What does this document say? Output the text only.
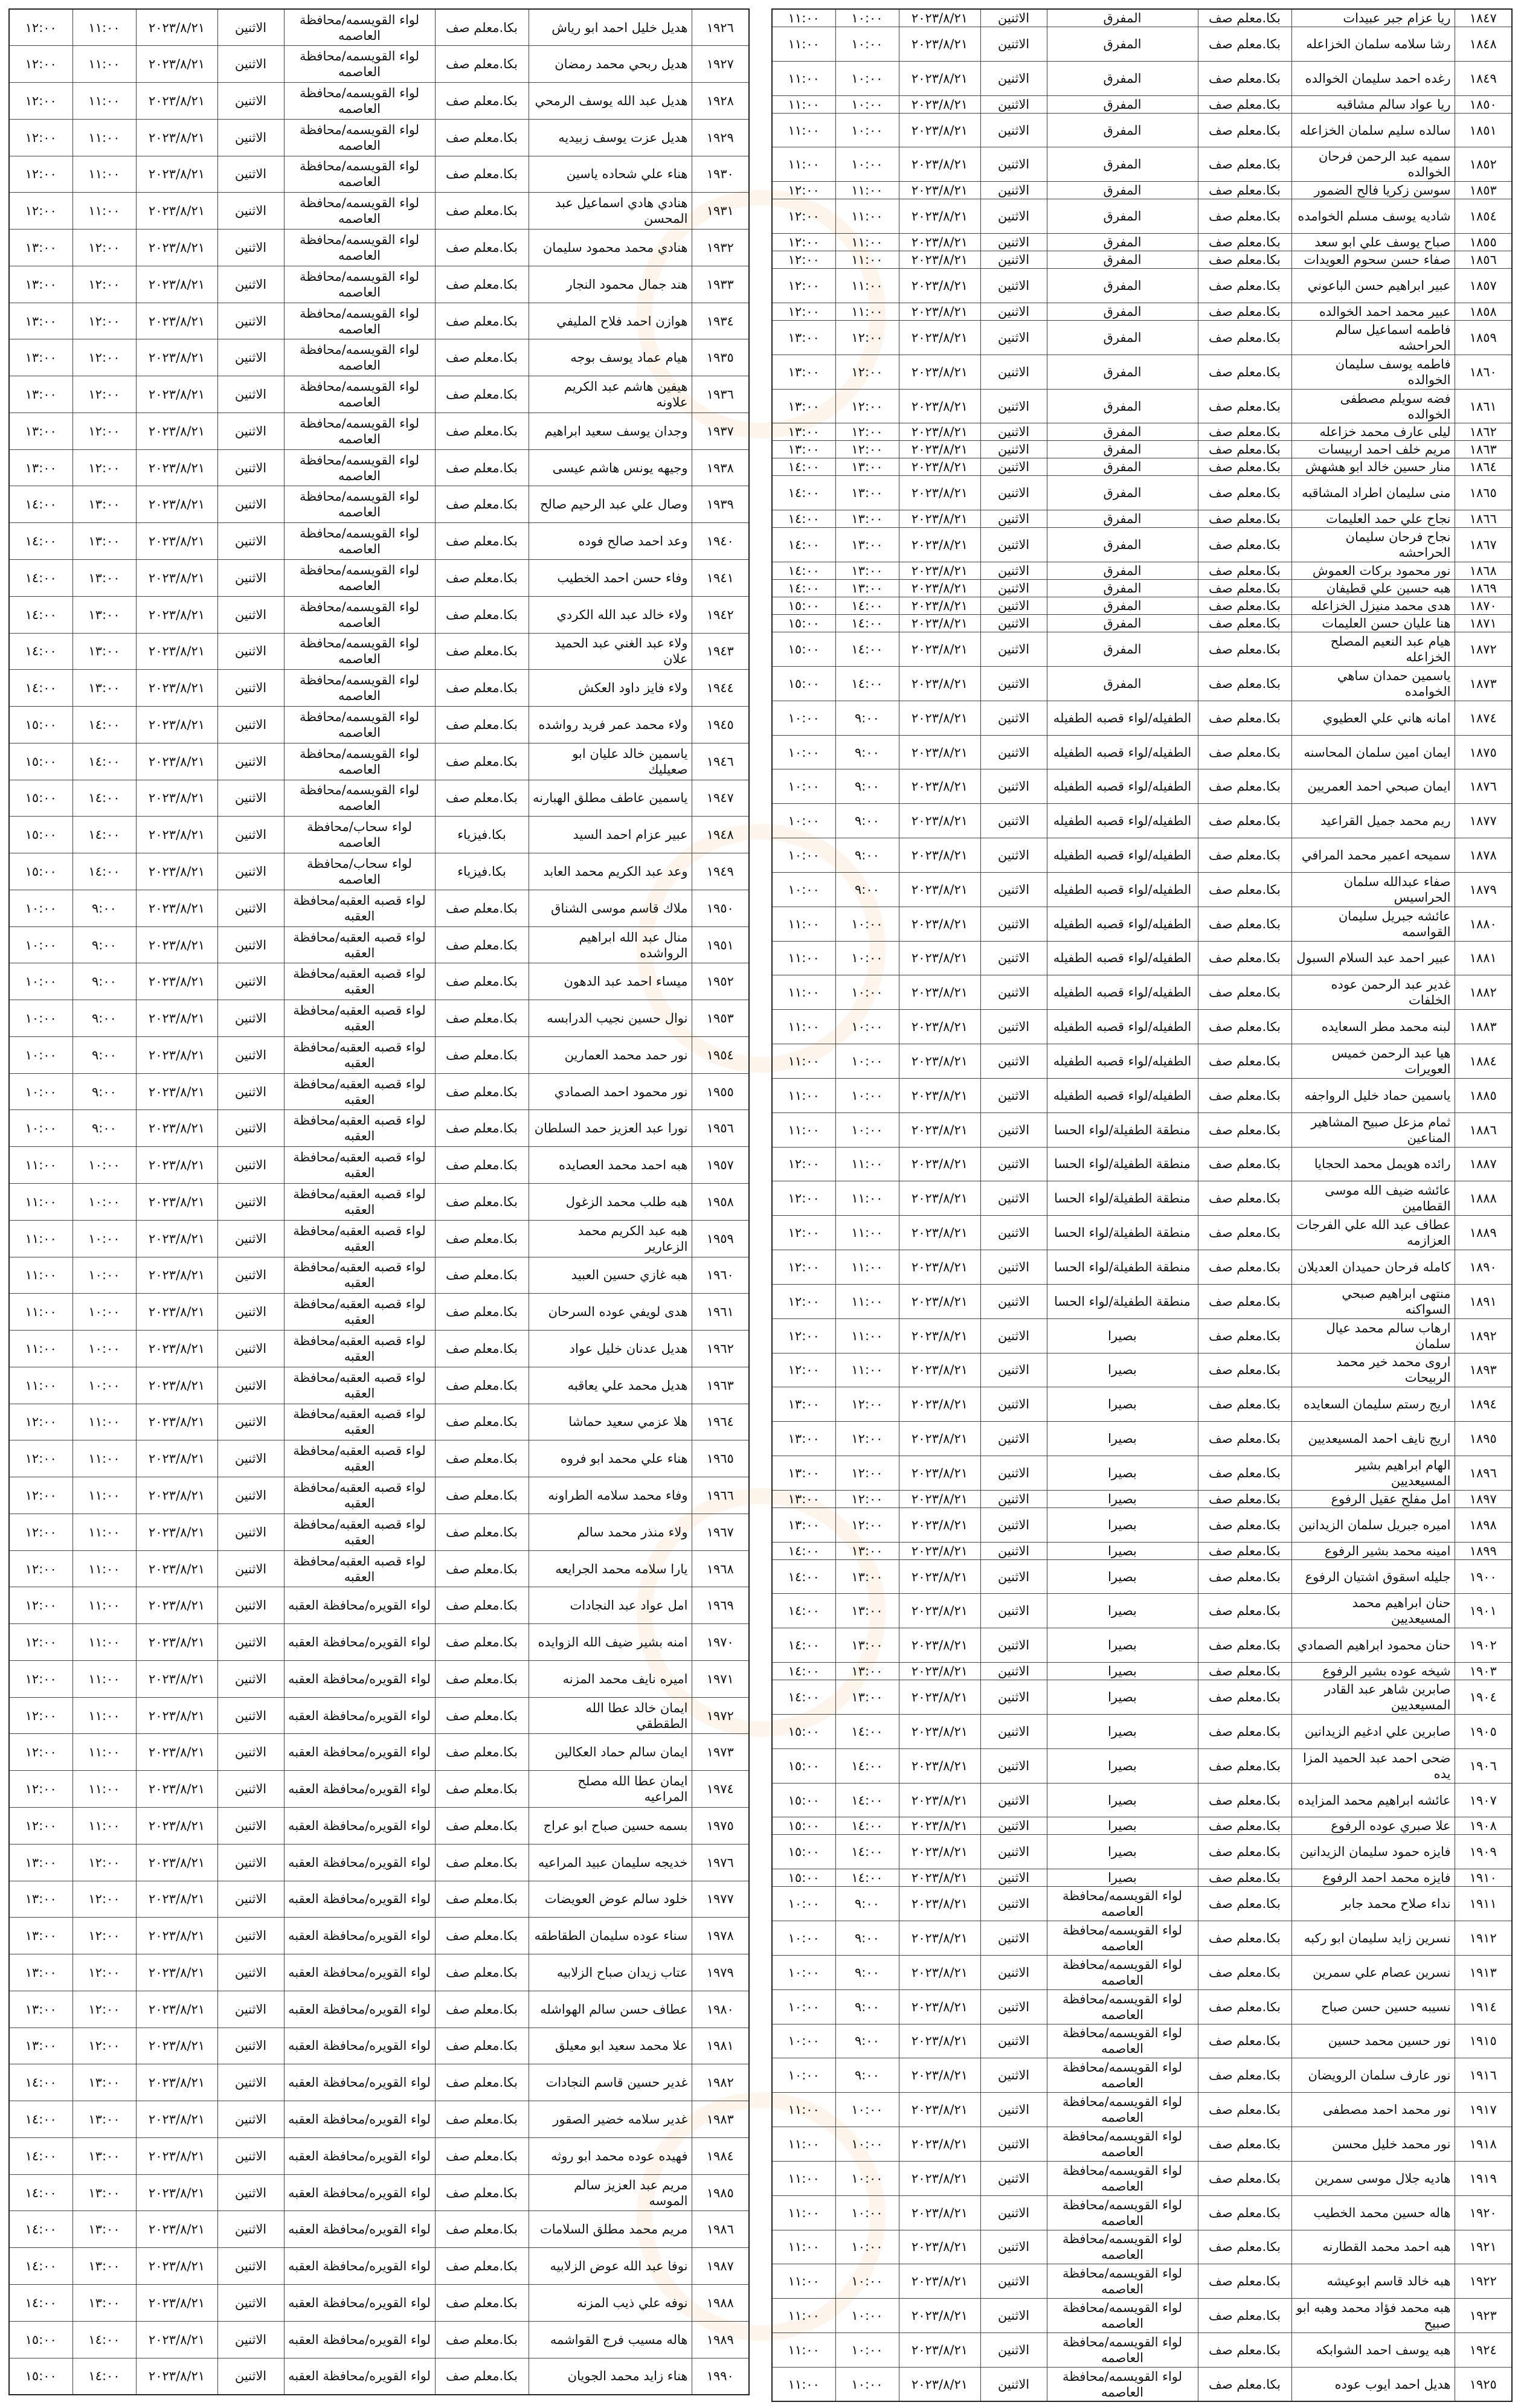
١٨٤٧	ريا عزام جبر عبيدات	بكا.معلم صف	المفرق	الاثنين	٢٠٢٣/٨/٢١	١٠:٠٠	١١:٠٠
١٨٤٨	رشا سلامه سلمان الخزاعله	بكا.معلم صف	المفرق	الاثنين	٢٠٢٣/٨/٢١	١٠:٠٠	١١:٠٠
١٨٤٩	رغده احمد سليمان الخوالده	بكا.معلم صف	المفرق	الاثنين	٢٠٢٣/٨/٢١	١٠:٠٠	١١:٠٠
١٨٥٠	ريا عواد سالم مشاقبه	بكا.معلم صف	المفرق	الاثنين	٢٠٢٣/٨/٢١	١٠:٠٠	١١:٠٠
١٨٥١	سالده سليم سلمان الخزاعله	بكا.معلم صف	المفرق	الاثنين	٢٠٢٣/٨/٢١	١٠:٠٠	١١:٠٠
١٨٥٢	سميه عبد الرحمن فرحان الخوالده	بكا.معلم صف	المفرق	الاثنين	٢٠٢٣/٨/٢١	١٠:٠٠	١١:٠٠
١٨٥٣	سوسن زكريا فالح الضمور	بكا.معلم صف	المفرق	الاثنين	٢٠٢٣/٨/٢١	١١:٠٠	١٢:٠٠
١٨٥٤	شاديه يوسف مسلم الخوامده	بكا.معلم صف	المفرق	الاثنين	٢٠٢٣/٨/٢١	١١:٠٠	١٢:٠٠
١٨٥٥	صباح يوسف علي ابو سعد	بكا.معلم صف	المفرق	الاثنين	٢٠٢٣/٨/٢١	١١:٠٠	١٢:٠٠
١٨٥٦	صفاء حسن سحوم العويدات	بكا.معلم صف	المفرق	الاثنين	٢٠٢٣/٨/٢١	١١:٠٠	١٢:٠٠
١٨٥٧	عبير ابراهيم حسن الباعوني	بكا.معلم صف	المفرق	الاثنين	٢٠٢٣/٨/٢١	١١:٠٠	١٢:٠٠
١٨٥٨	عبير محمد احمد الخوالده	بكا.معلم صف	المفرق	الاثنين	٢٠٢٣/٨/٢١	١١:٠٠	١٢:٠٠
١٨٥٩	فاطمه اسماعيل سالم الحراحشه	بكا.معلم صف	المفرق	الاثنين	٢٠٢٣/٨/٢١	١٢:٠٠	١٣:٠٠
١٨٦٠	فاطمه يوسف سليمان الخوالده	بكا.معلم صف	المفرق	الاثنين	٢٠٢٣/٨/٢١	١٢:٠٠	١٣:٠٠
١٨٦١	فضه سويلم مصطفى الخوالده	بكا.معلم صف	المفرق	الاثنين	٢٠٢٣/٨/٢١	١٢:٠٠	١٣:٠٠
١٨٦٢	ليلى عارف محمد خزاعله	بكا.معلم صف	المفرق	الاثنين	٢٠٢٣/٨/٢١	١٢:٠٠	١٣:٠٠
١٨٦٣	مريم خلف احمد اربيسات	بكا.معلم صف	المفرق	الاثنين	٢٠٢٣/٨/٢١	١٢:٠٠	١٣:٠٠
١٨٦٤	منار حسين خالد ابو هشهش	بكا.معلم صف	المفرق	الاثنين	٢٠٢٣/٨/٢١	١٣:٠٠	١٤:٠٠
١٨٦٥	منى سليمان اطراد المشاقبه	بكا.معلم صف	المفرق	الاثنين	٢٠٢٣/٨/٢١	١٣:٠٠	١٤:٠٠
١٨٦٦	نجاح علي حمد العليمات	بكا.معلم صف	المفرق	الاثنين	٢٠٢٣/٨/٢١	١٣:٠٠	١٤:٠٠
١٨٦٧	نجاح فرحان سليمان الحراحشه	بكا.معلم صف	المفرق	الاثنين	٢٠٢٣/٨/٢١	١٣:٠٠	١٤:٠٠
١٨٦٨	نور محمود بركات العموش	بكا.معلم صف	المفرق	الاثنين	٢٠٢٣/٨/٢١	١٣:٠٠	١٤:٠٠
١٨٦٩	هبه حسين علي قطيفان	بكا.معلم صف	المفرق	الاثنين	٢٠٢٣/٨/٢١	١٣:٠٠	١٤:٠٠
١٨٧٠	هدى محمد منيزل الخزاعله	بكا.معلم صف	المفرق	الاثنين	٢٠٢٣/٨/٢١	١٤:٠٠	١٥:٠٠
١٨٧١	هنا عليان حسن العليمات	بكا.معلم صف	المفرق	الاثنين	٢٠٢٣/٨/٢١	١٤:٠٠	١٥:٠٠
١٨٧٢	هيام عبد النعيم المصلح الخزاعله	بكا.معلم صف	المفرق	الاثنين	٢٠٢٣/٨/٢١	١٤:٠٠	١٥:٠٠
١٨٧٣	ياسمين حمدان ساهي الخوامده	بكا.معلم صف	المفرق	الاثنين	٢٠٢٣/٨/٢١	١٤:٠٠	١٥:٠٠
١٨٧٤	امانه هاني علي العطيوي	بكا.معلم صف	الطفيله/لواء قصبه الطفيله	الاثنين	٢٠٢٣/٨/٢١	٩:٠٠	١٠:٠٠
١٨٧٥	ايمان امين سلمان المحاسنه	بكا.معلم صف	الطفيله/لواء قصبه الطفيله	الاثنين	٢٠٢٣/٨/٢١	٩:٠٠	١٠:٠٠
١٨٧٦	ايمان صبحي احمد العمريين	بكا.معلم صف	الطفيله/لواء قصبه الطفيله	الاثنين	٢٠٢٣/٨/٢١	٩:٠٠	١٠:٠٠
١٨٧٧	ريم محمد جميل القراعيد	بكا.معلم صف	الطفيله/لواء قصبه الطفيله	الاثنين	٢٠٢٣/٨/٢١	٩:٠٠	١٠:٠٠
١٨٧٨	سميحه اعمير محمد المرافي	بكا.معلم صف	الطفيله/لواء قصبه الطفيله	الاثنين	٢٠٢٣/٨/٢١	٩:٠٠	١٠:٠٠
١٨٧٩	صفاء عبدالله سلمان الحراسيس	بكا.معلم صف	الطفيله/لواء قصبه الطفيله	الاثنين	٢٠٢٣/٨/٢١	٩:٠٠	١٠:٠٠
١٨٨٠	عائشه جبريل سليمان القواسمه	بكا.معلم صف	الطفيله/لواء قصبه الطفيله	الاثنين	٢٠٢٣/٨/٢١	١٠:٠٠	١١:٠٠
١٨٨١	عبير احمد عبد السلام السبول	بكا.معلم صف	الطفيله/لواء قصبه الطفيله	الاثنين	٢٠٢٣/٨/٢١	١٠:٠٠	١١:٠٠
١٨٨٢	غدير عبد الرحمن عوده الخلفات	بكا.معلم صف	الطفيله/لواء قصبه الطفيله	الاثنين	٢٠٢٣/٨/٢١	١٠:٠٠	١١:٠٠
١٨٨٣	لبنه محمد مطر السعايده	بكا.معلم صف	الطفيله/لواء قصبه الطفيله	الاثنين	٢٠٢٣/٨/٢١	١٠:٠٠	١١:٠٠
١٨٨٤	هيا عبد الرحمن خميس العويرات	بكا.معلم صف	الطفيله/لواء قصبه الطفيله	الاثنين	٢٠٢٣/٨/٢١	١٠:٠٠	١١:٠٠
١٨٨٥	ياسمين حماد خليل الرواجفه	بكا.معلم صف	الطفيله/لواء قصبه الطفيله	الاثنين	٢٠٢٣/٨/٢١	١٠:٠٠	١١:٠٠
١٨٨٦	ثمام مزعل صبيح المشاهير المناعين	بكا.معلم صف	منطقة الطفيلة/لواء الحسا	الاثنين	٢٠٢٣/٨/٢١	١٠:٠٠	١١:٠٠
١٨٨٧	رائده هويمل محمد الحجايا	بكا.معلم صف	منطقة الطفيلة/لواء الحسا	الاثنين	٢٠٢٣/٨/٢١	١١:٠٠	١٢:٠٠
١٨٨٨	عائشه ضيف الله موسى القطامين	بكا.معلم صف	منطقة الطفيلة/لواء الحسا	الاثنين	٢٠٢٣/٨/٢١	١١:٠٠	١٢:٠٠
١٨٨٩	عطاف عبد الله علي الفرجات العزازمه	بكا.معلم صف	منطقة الطفيلة/لواء الحسا	الاثنين	٢٠٢٣/٨/٢١	١١:٠٠	١٢:٠٠
١٨٩٠	كامله فرحان حميدان العديلان	بكا.معلم صف	منطقة الطفيلة/لواء الحسا	الاثنين	٢٠٢٣/٨/٢١	١١:٠٠	١٢:٠٠
١٨٩١	منتهى ابراهيم صبحي السواكنه	بكا.معلم صف	منطقة الطفيلة/لواء الحسا	الاثنين	٢٠٢٣/٨/٢١	١١:٠٠	١٢:٠٠
١٨٩٢	ارهاب سالم محمد عيال سلمان	بكا.معلم صف	بصيرا	الاثنين	٢٠٢٣/٨/٢١	١١:٠٠	١٢:٠٠
١٨٩٣	اروى محمد خير محمد الربيحات	بكا.معلم صف	بصيرا	الاثنين	٢٠٢٣/٨/٢١	١١:٠٠	١٢:٠٠
١٨٩٤	اريج رستم سليمان السعايده	بكا.معلم صف	بصيرا	الاثنين	٢٠٢٣/٨/٢١	١٢:٠٠	١٣:٠٠
١٨٩٥	اريج نايف احمد المسيعديين	بكا.معلم صف	بصيرا	الاثنين	٢٠٢٣/٨/٢١	١٢:٠٠	١٣:٠٠
١٨٩٦	الهام ابراهيم بشير المسيعديين	بكا.معلم صف	بصيرا	الاثنين	٢٠٢٣/٨/٢١	١٢:٠٠	١٣:٠٠
١٨٩٧	امل مفلح عقيل الرفوع	بكا.معلم صف	بصيرا	الاثنين	٢٠٢٣/٨/٢١	١٢:٠٠	١٣:٠٠
١٨٩٨	اميره جبريل سلمان الزيدانين	بكا.معلم صف	بصيرا	الاثنين	٢٠٢٣/٨/٢١	١٢:٠٠	١٣:٠٠
١٨٩٩	امينه محمد بشير الرفوع	بكا.معلم صف	بصيرا	الاثنين	٢٠٢٣/٨/٢١	١٣:٠٠	١٤:٠٠
١٩٠٠	جليله اسقوق اشتيان الرفوع	بكا.معلم صف	بصيرا	الاثنين	٢٠٢٣/٨/٢١	١٣:٠٠	١٤:٠٠
١٩٠١	حنان ابراهيم محمد المسيعديين	بكا.معلم صف	بصيرا	الاثنين	٢٠٢٣/٨/٢١	١٣:٠٠	١٤:٠٠
١٩٠٢	حنان محمود ابراهيم الصمادي	بكا.معلم صف	بصيرا	الاثنين	٢٠٢٣/٨/٢١	١٣:٠٠	١٤:٠٠
١٩٠٣	شيخه عوده بشير الرفوع	بكا.معلم صف	بصيرا	الاثنين	٢٠٢٣/٨/٢١	١٣:٠٠	١٤:٠٠
١٩٠٤	صابرين شاهر عبد القادر المسيعديين	بكا.معلم صف	بصيرا	الاثنين	٢٠٢٣/٨/٢١	١٣:٠٠	١٤:٠٠
١٩٠٥	صابرين علي ادغيم الزيدانين	بكا.معلم صف	بصيرا	الاثنين	٢٠٢٣/٨/٢١	١٤:٠٠	١٥:٠٠
١٩٠٦	ضحى احمد عبد الحميد المزا يده	بكا.معلم صف	بصيرا	الاثنين	٢٠٢٣/٨/٢١	١٤:٠٠	١٥:٠٠
١٩٠٧	عائشه ابراهيم محمد المزايده	بكا.معلم صف	بصيرا	الاثنين	٢٠٢٣/٨/٢١	١٤:٠٠	١٥:٠٠
١٩٠٨	علا صبري عوده الرفوع	بكا.معلم صف	بصيرا	الاثنين	٢٠٢٣/٨/٢١	١٤:٠٠	١٥:٠٠
١٩٠٩	فايزه حمود سليمان الزيدانين	بكا.معلم صف	بصيرا	الاثنين	٢٠٢٣/٨/٢١	١٤:٠٠	١٥:٠٠
١٩١٠	فايزه محمد احمد الرفوع	بكا.معلم صف	بصيرا	الاثنين	٢٠٢٣/٨/٢١	١٤:٠٠	١٥:٠٠
١٩١١	نداء صلاح محمد جابر	بكا.معلم صف	لواء القويسمه/محافظة العاصمه	الاثنين	٢٠٢٣/٨/٢١	٩:٠٠	١٠:٠٠
١٩١٢	نسرين زايد سليمان ابو ركبه	بكا.معلم صف	لواء القويسمه/محافظة العاصمه	الاثنين	٢٠٢٣/٨/٢١	٩:٠٠	١٠:٠٠
١٩١٣	نسرين عصام علي سمرين	بكا.معلم صف	لواء القويسمه/محافظة العاصمه	الاثنين	٢٠٢٣/٨/٢١	٩:٠٠	١٠:٠٠
١٩١٤	نسيبه حسين حسن صباح	بكا.معلم صف	لواء القويسمه/محافظة العاصمه	الاثنين	٢٠٢٣/٨/٢١	٩:٠٠	١٠:٠٠
١٩١٥	نور حسين محمد حسين	بكا.معلم صف	لواء القويسمه/محافظة العاصمه	الاثنين	٢٠٢٣/٨/٢١	٩:٠٠	١٠:٠٠
١٩١٦	نور عارف سلمان الرويضان	بكا.معلم صف	لواء القويسمه/محافظة العاصمه	الاثنين	٢٠٢٣/٨/٢١	٩:٠٠	١٠:٠٠
١٩١٧	نور محمد احمد مصطفى	بكا.معلم صف	لواء القويسمه/محافظة العاصمه	الاثنين	٢٠٢٣/٨/٢١	١٠:٠٠	١١:٠٠
١٩١٨	نور محمد خليل محسن	بكا.معلم صف	لواء القويسمه/محافظة العاصمه	الاثنين	٢٠٢٣/٨/٢١	١٠:٠٠	١١:٠٠
١٩١٩	هاديه جلال موسى سمرين	بكا.معلم صف	لواء القويسمه/محافظة العاصمه	الاثنين	٢٠٢٣/٨/٢١	١٠:٠٠	١١:٠٠
١٩٢٠	هاله حسين محمد الخطيب	بكا.معلم صف	لواء القويسمه/محافظة العاصمه	الاثنين	٢٠٢٣/٨/٢١	١٠:٠٠	١١:٠٠
١٩٢١	هبه احمد محمد القطارنه	بكا.معلم صف	لواء القويسمه/محافظة العاصمه	الاثنين	٢٠٢٣/٨/٢١	١٠:٠٠	١١:٠٠
١٩٢٢	هبه خالد قاسم ابوعيشه	بكا.معلم صف	لواء القويسمه/محافظة العاصمه	الاثنين	٢٠٢٣/٨/٢١	١٠:٠٠	١١:٠٠
١٩٢٣	هبه محمد فؤاد محمد وهبه ابو صبيح	بكا.معلم صف	لواء القويسمه/محافظة العاصمه	الاثنين	٢٠٢٣/٨/٢١	١٠:٠٠	١١:٠٠
١٩٢٤	هبه يوسف احمد الشوابكه	بكا.معلم صف	لواء القويسمه/محافظة العاصمه	الاثنين	٢٠٢٣/٨/٢١	١٠:٠٠	١١:٠٠
١٩٢٥	هديل احمد ايوب عوده	بكا.معلم صف	لواء القويسمه/محافظة العاصمه	الاثنين	٢٠٢٣/٨/٢١	١٠:٠٠	١١:٠٠
١٩٢٦	هديل خليل احمد ابو رياش	بكا.معلم صف	لواء القويسمه/محافظة العاصمه	الاثنين	٢٠٢٣/٨/٢١	١١:٠٠	١٢:٠٠
١٩٢٧	هديل ربحي محمد رمضان	بكا.معلم صف	لواء القويسمه/محافظة العاصمه	الاثنين	٢٠٢٣/٨/٢١	١١:٠٠	١٢:٠٠
١٩٢٨	هديل عبد الله يوسف الرمحي	بكا.معلم صف	لواء القويسمه/محافظة العاصمه	الاثنين	٢٠٢٣/٨/٢١	١١:٠٠	١٢:٠٠
١٩٢٩	هديل عزت يوسف زبيديه	بكا.معلم صف	لواء القويسمه/محافظة العاصمه	الاثنين	٢٠٢٣/٨/٢١	١١:٠٠	١٢:٠٠
١٩٣٠	هناء علي شحاده ياسين	بكا.معلم صف	لواء القويسمه/محافظة العاصمه	الاثنين	٢٠٢٣/٨/٢١	١١:٠٠	١٢:٠٠
١٩٣١	هنادي هادي اسماعيل عبد المحسن	بكا.معلم صف	لواء القويسمه/محافظة العاصمه	الاثنين	٢٠٢٣/٨/٢١	١١:٠٠	١٢:٠٠
١٩٣٢	هنادي محمد محمود سليمان	بكا.معلم صف	لواء القويسمه/محافظة العاصمه	الاثنين	٢٠٢٣/٨/٢١	١٢:٠٠	١٣:٠٠
١٩٣٣	هند جمال محمود النجار	بكا.معلم صف	لواء القويسمه/محافظة العاصمه	الاثنين	٢٠٢٣/٨/٢١	١٢:٠٠	١٣:٠٠
١٩٣٤	هوازن احمد فلاح المليفي	بكا.معلم صف	لواء القويسمه/محافظة العاصمه	الاثنين	٢٠٢٣/٨/٢١	١٢:٠٠	١٣:٠٠
١٩٣٥	هيام عماد يوسف بوجه	بكا.معلم صف	لواء القويسمه/محافظة العاصمه	الاثنين	٢٠٢٣/٨/٢١	١٢:٠٠	١٣:٠٠
١٩٣٦	هيفين هاشم عبد الكريم علاونه	بكا.معلم صف	لواء القويسمه/محافظة العاصمه	الاثنين	٢٠٢٣/٨/٢١	١٢:٠٠	١٣:٠٠
١٩٣٧	وجدان يوسف سعيد ابراهيم	بكا.معلم صف	لواء القويسمه/محافظة العاصمه	الاثنين	٢٠٢٣/٨/٢١	١٢:٠٠	١٣:٠٠
١٩٣٨	وجيهه يونس هاشم عيسى	بكا.معلم صف	لواء القويسمه/محافظة العاصمه	الاثنين	٢٠٢٣/٨/٢١	١٢:٠٠	١٣:٠٠
١٩٣٩	وصال علي عبد الرحيم صالح	بكا.معلم صف	لواء القويسمه/محافظة العاصمه	الاثنين	٢٠٢٣/٨/٢١	١٣:٠٠	١٤:٠٠
١٩٤٠	وعد احمد صالح فوده	بكا.معلم صف	لواء القويسمه/محافظة العاصمه	الاثنين	٢٠٢٣/٨/٢١	١٣:٠٠	١٤:٠٠
١٩٤١	وفاء حسن احمد الخطيب	بكا.معلم صف	لواء القويسمه/محافظة العاصمه	الاثنين	٢٠٢٣/٨/٢١	١٣:٠٠	١٤:٠٠
١٩٤٢	ولاء خالد عبد الله الكردي	بكا.معلم صف	لواء القويسمه/محافظة العاصمه	الاثنين	٢٠٢٣/٨/٢١	١٣:٠٠	١٤:٠٠
١٩٤٣	ولاء عبد الغني عبد الحميد علان	بكا.معلم صف	لواء القويسمه/محافظة العاصمه	الاثنين	٢٠٢٣/٨/٢١	١٣:٠٠	١٤:٠٠
١٩٤٤	ولاء فايز داود العكش	بكا.معلم صف	لواء القويسمه/محافظة العاصمه	الاثنين	٢٠٢٣/٨/٢١	١٣:٠٠	١٤:٠٠
١٩٤٥	ولاء محمد عمر فريد رواشده	بكا.معلم صف	لواء القويسمه/محافظة العاصمه	الاثنين	٢٠٢٣/٨/٢١	١٤:٠٠	١٥:٠٠
١٩٤٦	ياسمين خالد عليان ابو صعيليك	بكا.معلم صف	لواء القويسمه/محافظة العاصمه	الاثنين	٢٠٢٣/٨/٢١	١٤:٠٠	١٥:٠٠
١٩٤٧	ياسمين عاطف مطلق الهبارنه	بكا.معلم صف	لواء القويسمه/محافظة العاصمه	الاثنين	٢٠٢٣/٨/٢١	١٤:٠٠	١٥:٠٠
١٩٤٨	عبير عزام احمد السيد	بكا.فيزياء	لواء سحاب/محافظة العاصمه	الاثنين	٢٠٢٣/٨/٢١	١٤:٠٠	١٥:٠٠
١٩٤٩	وعد عبد الكريم محمد العابد	بكا.فيزياء	لواء سحاب/محافظة العاصمه	الاثنين	٢٠٢٣/٨/٢١	١٤:٠٠	١٥:٠٠
١٩٥٠	ملاك قاسم موسى الشناق	بكا.معلم صف	لواء قصبه العقبه/محافظة العقبه	الاثنين	٢٠٢٣/٨/٢١	٩:٠٠	١٠:٠٠
١٩٥١	منال عبد الله ابراهيم الرواشده	بكا.معلم صف	لواء قصبه العقبه/محافظة العقبه	الاثنين	٢٠٢٣/٨/٢١	٩:٠٠	١٠:٠٠
١٩٥٢	ميساء احمد عبد الدهون	بكا.معلم صف	لواء قصبه العقبه/محافظة العقبه	الاثنين	٢٠٢٣/٨/٢١	٩:٠٠	١٠:٠٠
١٩٥٣	نوال حسين نجيب الدرابسه	بكا.معلم صف	لواء قصبه العقبه/محافظة العقبه	الاثنين	٢٠٢٣/٨/٢١	٩:٠٠	١٠:٠٠
١٩٥٤	نور حمد محمد العمارين	بكا.معلم صف	لواء قصبه العقبه/محافظة العقبه	الاثنين	٢٠٢٣/٨/٢١	٩:٠٠	١٠:٠٠
١٩٥٥	نور محمود احمد الصمادي	بكا.معلم صف	لواء قصبه العقبه/محافظة العقبه	الاثنين	٢٠٢٣/٨/٢١	٩:٠٠	١٠:٠٠
١٩٥٦	نورا عبد العزيز حمد السلطان	بكا.معلم صف	لواء قصبه العقبه/محافظة العقبه	الاثنين	٢٠٢٣/٨/٢١	٩:٠٠	١٠:٠٠
١٩٥٧	هبه احمد محمد العصايده	بكا.معلم صف	لواء قصبه العقبه/محافظة العقبه	الاثنين	٢٠٢٣/٨/٢١	١٠:٠٠	١١:٠٠
١٩٥٨	هبه طلب محمد الزغول	بكا.معلم صف	لواء قصبه العقبه/محافظة العقبه	الاثنين	٢٠٢٣/٨/٢١	١٠:٠٠	١١:٠٠
١٩٥٩	هبه عبد الكريم محمد الزعارير	بكا.معلم صف	لواء قصبه العقبه/محافظة العقبه	الاثنين	٢٠٢٣/٨/٢١	١٠:٠٠	١١:٠٠
١٩٦٠	هبه غازي حسين العبيد	بكا.معلم صف	لواء قصبه العقبه/محافظة العقبه	الاثنين	٢٠٢٣/٨/٢١	١٠:٠٠	١١:٠٠
١٩٦١	هدى لويفي عوده السرحان	بكا.معلم صف	لواء قصبه العقبه/محافظة العقبه	الاثنين	٢٠٢٣/٨/٢١	١٠:٠٠	١١:٠٠
١٩٦٢	هديل عدنان خليل عواد	بكا.معلم صف	لواء قصبه العقبه/محافظة العقبه	الاثنين	٢٠٢٣/٨/٢١	١٠:٠٠	١١:٠٠
١٩٦٣	هديل محمد علي يعاقبه	بكا.معلم صف	لواء قصبه العقبه/محافظة العقبه	الاثنين	٢٠٢٣/٨/٢١	١٠:٠٠	١١:٠٠
١٩٦٤	هلا عزمي سعيد حماشا	بكا.معلم صف	لواء قصبه العقبه/محافظة العقبه	الاثنين	٢٠٢٣/٨/٢١	١١:٠٠	١٢:٠٠
١٩٦٥	هناء علي محمد ابو فروه	بكا.معلم صف	لواء قصبه العقبه/محافظة العقبه	الاثنين	٢٠٢٣/٨/٢١	١١:٠٠	١٢:٠٠
١٩٦٦	وفاء محمد سلامه الطراونه	بكا.معلم صف	لواء قصبه العقبه/محافظة العقبه	الاثنين	٢٠٢٣/٨/٢١	١١:٠٠	١٢:٠٠
١٩٦٧	ولاء منذر محمد سالم	بكا.معلم صف	لواء قصبه العقبه/محافظة العقبه	الاثنين	٢٠٢٣/٨/٢١	١١:٠٠	١٢:٠٠
١٩٦٨	يارا سلامه محمد الجرايعه	بكا.معلم صف	لواء قصبه العقبه/محافظة العقبه	الاثنين	٢٠٢٣/٨/٢١	١١:٠٠	١٢:٠٠
١٩٦٩	امل عواد عبد النجادات	بكا.معلم صف	لواء القويره/محافظة العقبه	الاثنين	٢٠٢٣/٨/٢١	١١:٠٠	١٢:٠٠
١٩٧٠	امنه بشير ضيف الله الزوايده	بكا.معلم صف	لواء القويره/محافظة العقبه	الاثنين	٢٠٢٣/٨/٢١	١١:٠٠	١٢:٠٠
١٩٧١	اميره نايف محمد المزنه	بكا.معلم صف	لواء القويره/محافظة العقبه	الاثنين	٢٠٢٣/٨/٢١	١١:٠٠	١٢:٠٠
١٩٧٢	ايمان خالد عطا الله الطقطقي	بكا.معلم صف	لواء القويره/محافظة العقبه	الاثنين	٢٠٢٣/٨/٢١	١١:٠٠	١٢:٠٠
١٩٧٣	ايمان سالم حماد العكالين	بكا.معلم صف	لواء القويره/محافظة العقبه	الاثنين	٢٠٢٣/٨/٢١	١١:٠٠	١٢:٠٠
١٩٧٤	ايمان عطا الله مصلح المراعيه	بكا.معلم صف	لواء القويره/محافظة العقبه	الاثنين	٢٠٢٣/٨/٢١	١١:٠٠	١٢:٠٠
١٩٧٥	بسمه حسين صباح ابو عراج	بكا.معلم صف	لواء القويره/محافظة العقبه	الاثنين	٢٠٢٣/٨/٢١	١١:٠٠	١٢:٠٠
١٩٧٦	خديجه سليمان عبيد المراعيه	بكا.معلم صف	لواء القويره/محافظة العقبه	الاثنين	٢٠٢٣/٨/٢١	١٢:٠٠	١٣:٠٠
١٩٧٧	خلود سالم عوض العويضات	بكا.معلم صف	لواء القويره/محافظة العقبه	الاثنين	٢٠٢٣/٨/٢١	١٢:٠٠	١٣:٠٠
١٩٧٨	سناء عوده سليمان الطقاطقه	بكا.معلم صف	لواء القويره/محافظة العقبه	الاثنين	٢٠٢٣/٨/٢١	١٢:٠٠	١٣:٠٠
١٩٧٩	عتاب زيدان صباح الزلابيه	بكا.معلم صف	لواء القويره/محافظة العقبه	الاثنين	٢٠٢٣/٨/٢١	١٢:٠٠	١٣:٠٠
١٩٨٠	عطاف حسن سالم الهواشله	بكا.معلم صف	لواء القويره/محافظة العقبه	الاثنين	٢٠٢٣/٨/٢١	١٢:٠٠	١٣:٠٠
١٩٨١	علا محمد سعيد ابو معيلق	بكا.معلم صف	لواء القويره/محافظة العقبه	الاثنين	٢٠٢٣/٨/٢١	١٢:٠٠	١٣:٠٠
١٩٨٢	غدير حسين قاسم النجادات	بكا.معلم صف	لواء القويره/محافظة العقبه	الاثنين	٢٠٢٣/٨/٢١	١٣:٠٠	١٤:٠٠
١٩٨٣	غدير سلامه خضير الصقور	بكا.معلم صف	لواء القويره/محافظة العقبه	الاثنين	٢٠٢٣/٨/٢١	١٣:٠٠	١٤:٠٠
١٩٨٤	فهيده عوده محمد ابو روثه	بكا.معلم صف	لواء القويره/محافظة العقبه	الاثنين	٢٠٢٣/٨/٢١	١٣:٠٠	١٤:٠٠
١٩٨٥	مريم عبد العزيز سالم الموسه	بكا.معلم صف	لواء القويره/محافظة العقبه	الاثنين	٢٠٢٣/٨/٢١	١٣:٠٠	١٤:٠٠
١٩٨٦	مريم محمد مطلق السلامات	بكا.معلم صف	لواء القويره/محافظة العقبه	الاثنين	٢٠٢٣/٨/٢١	١٣:٠٠	١٤:٠٠
١٩٨٧	نوفا عبد الله عوض الزلابيه	بكا.معلم صف	لواء القويره/محافظة العقبه	الاثنين	٢٠٢٣/٨/٢١	١٣:٠٠	١٤:٠٠
١٩٨٨	نوفه علي ذيب المزنه	بكا.معلم صف	لواء القويره/محافظة العقبه	الاثنين	٢٠٢٣/٨/٢١	١٣:٠٠	١٤:٠٠
١٩٨٩	هاله مسيب فرج القواشمه	بكا.معلم صف	لواء القويره/محافظة العقبه	الاثنين	٢٠٢٣/٨/٢١	١٤:٠٠	١٥:٠٠
١٩٩٠	هناء زايد محمد الجويان	بكا.معلم صف	لواء القويره/محافظة العقبه	الاثنين	٢٠٢٣/٨/٢١	١٤:٠٠	١٥:٠٠
